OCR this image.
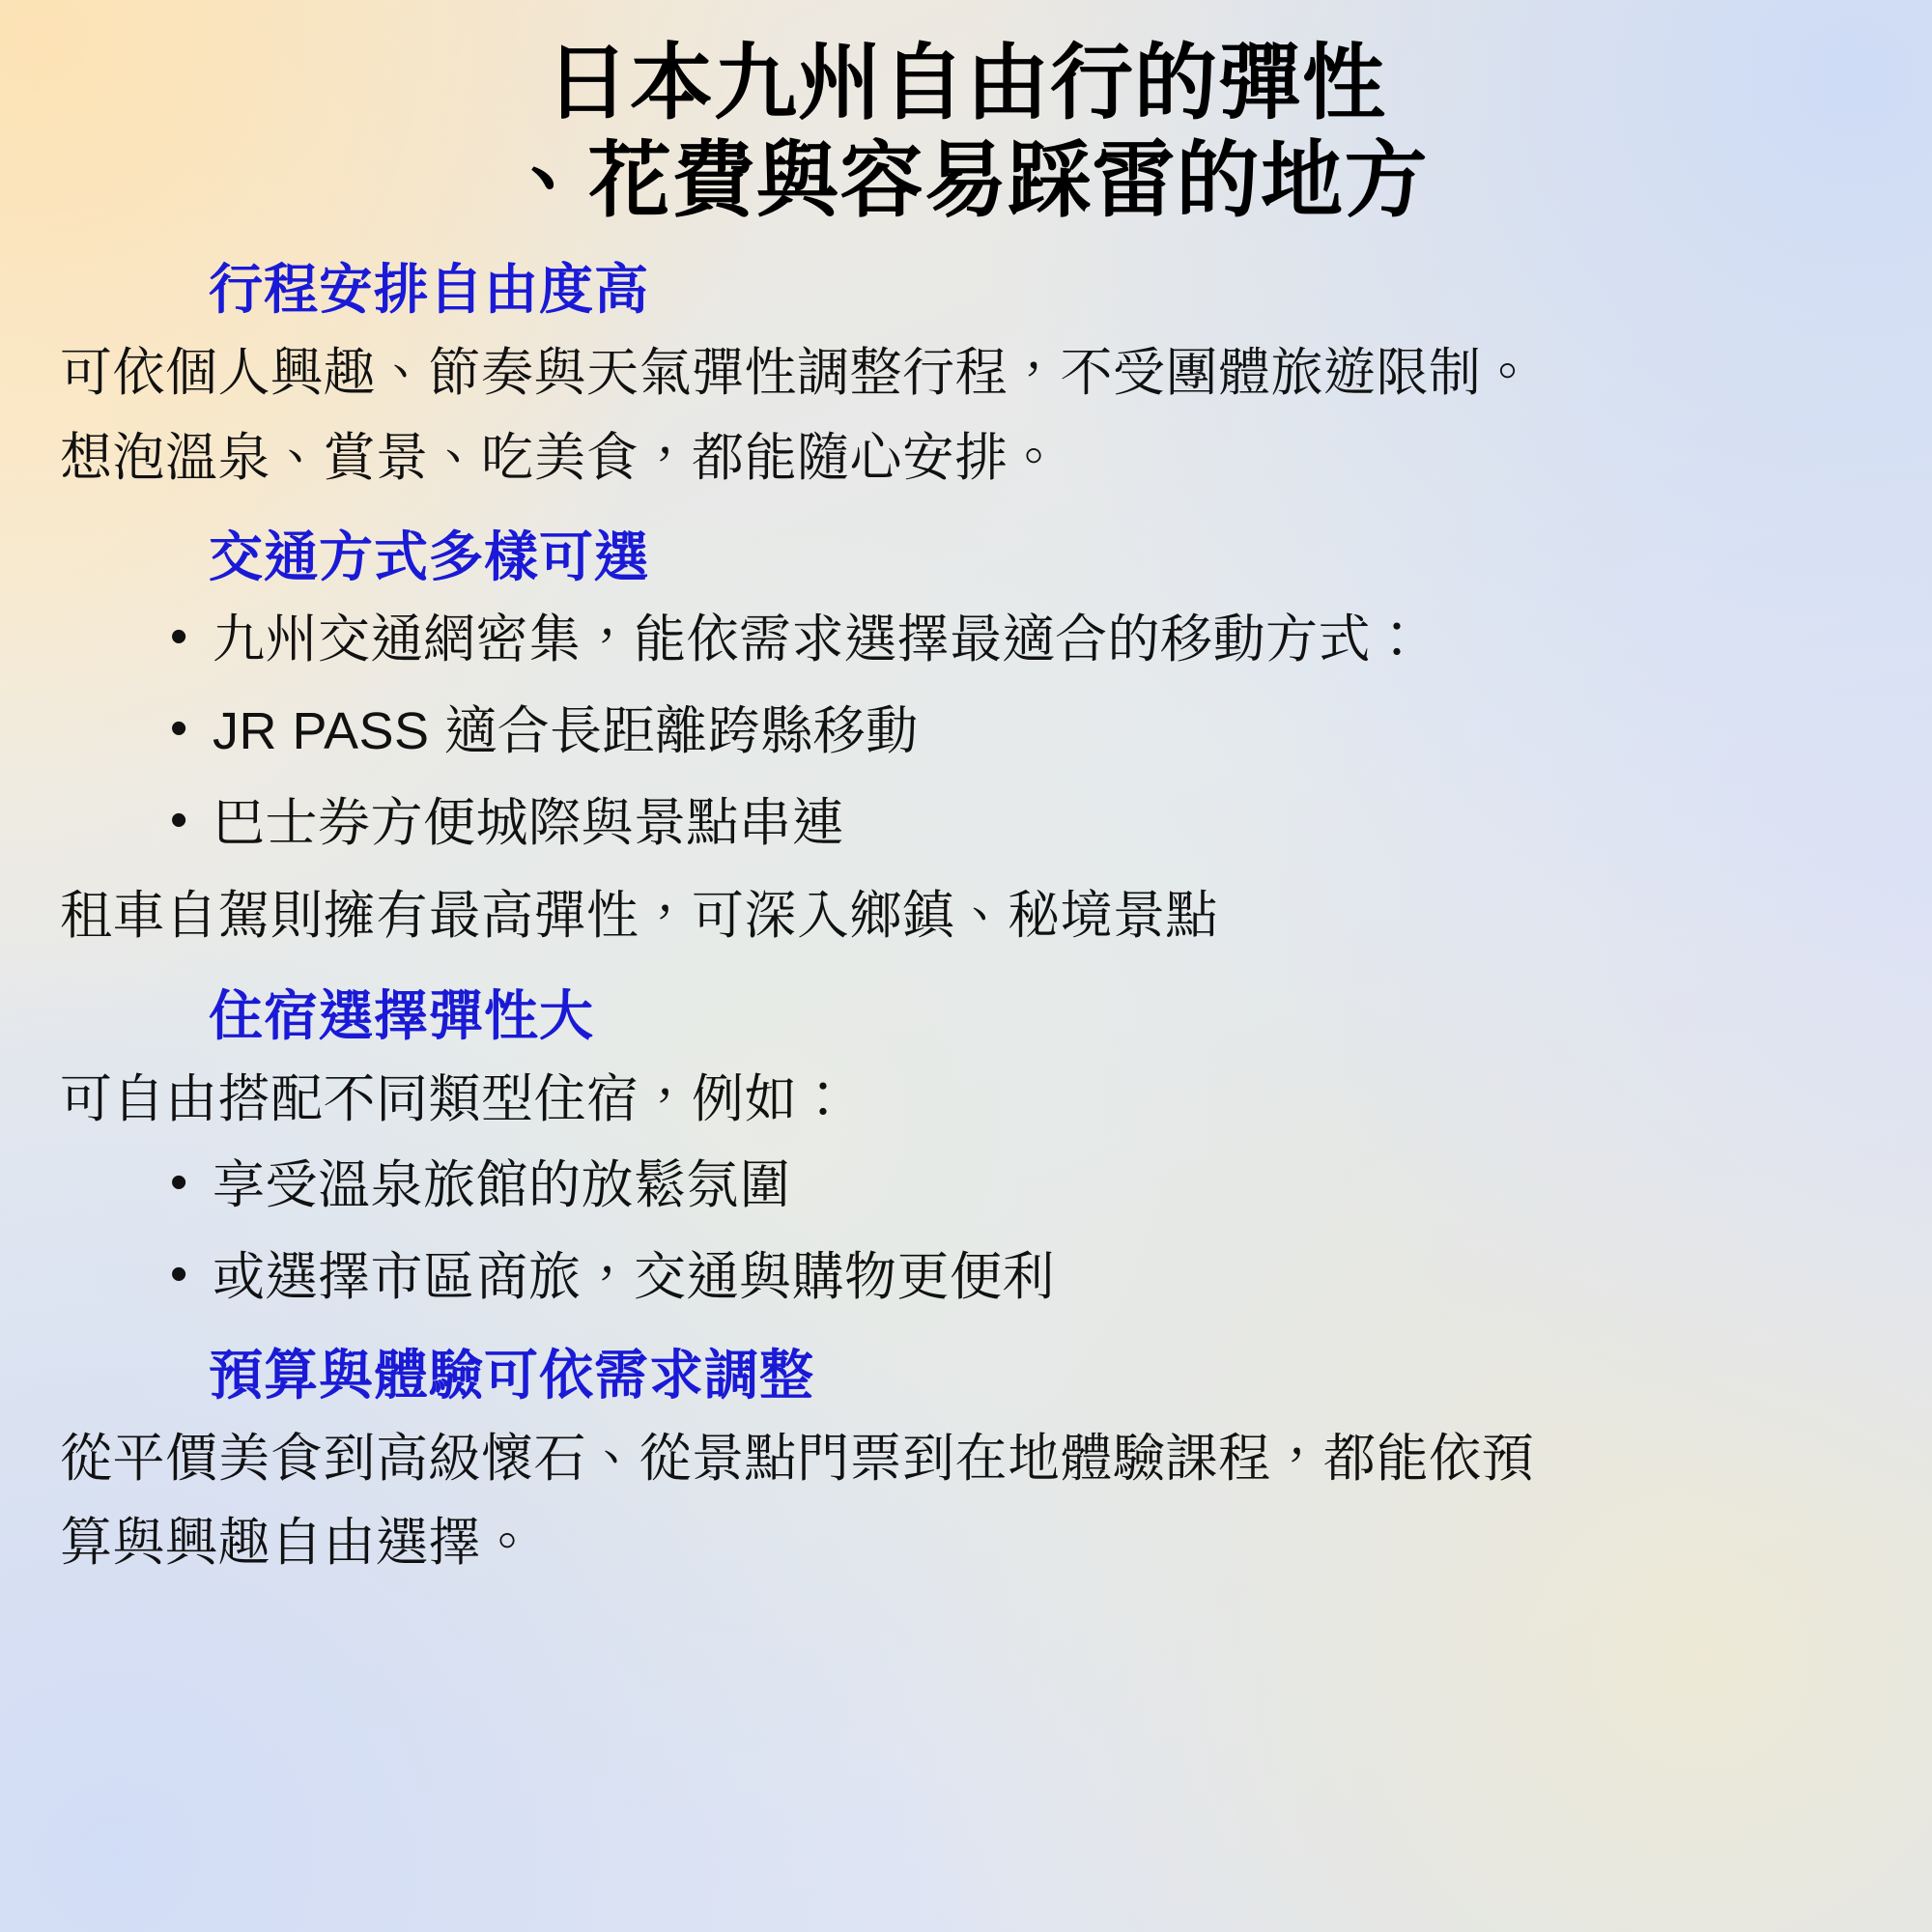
日本九州自由行的彈性
、花費與容易踩雷的地方
行程安排自由度高

可依個人興趣、節奏與天氣彈性調整行程，不受團體旅遊限制。

想泡溫泉、賞景、吃美食，都能隨心安排。

交通方式多樣可選
• 九州交通網密集，能依需求選擇最適合的移動方式：
• JR PASS 適合長距離跨縣移動
• 巴士券方便城際與景點串連

租車自駕則擁有最高彈性，可深入鄉鎮、秘境景點

住宿選擇彈性大

可自由搭配不同類型住宿，例如：

• 享受溫泉旅館的放鬆氛圍
• 或選擇市區商旅，交通與購物更便利
預算與體驗可依需求調整

從平價美食到高級懷石、從景點門票到在地體驗課程，都能依預

算與興趣自由選擇。
